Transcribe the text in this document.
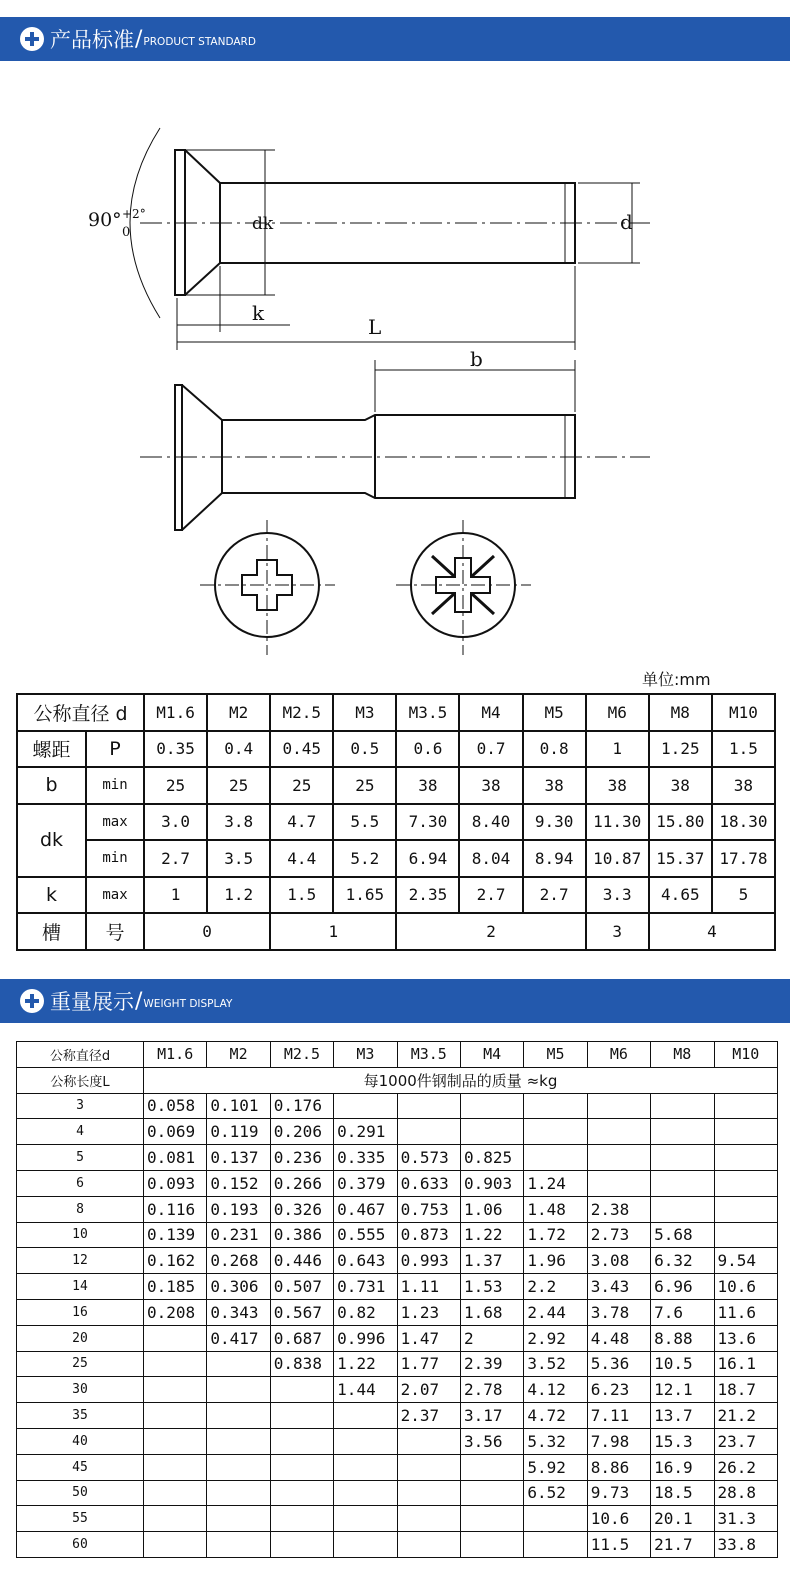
产品标准 / PRODUCT STANDARD
90° +2°
0	dk	d
k
L
b
单位:mm
公称直径 d		M1.6	M2	M2.5	M3	M3.5	M4	M5	M6	M8	M10
螺距	P	0.35	0.4	0.45	0.5	0.6	0.7	0.8	1	1.25	1.5
b	min	25	25	25	25	38	38	38	38	38	38
dk	max	3.0	3.8	4.7	5.5	7.30	8.40	9.30	11.30	15.80	18.30
	min	2.7	3.5	4.4	5.2	6.94	8.04	8.94	10.87	15.37	17.78
k	max	1	1.2	1.5	1.65	2.35	2.7	2.7	3.3	4.65	5
槽	号	0		1		2			3	4	
重量展示 / WEIGHT DISPLAY
公称直径d	M1.6	M2	M2.5	M3	M3.5	M4	M5	M6	M8	M10
公称长度L	每1000件钢制品的质量 ≈kg									
3	0.058	0.101	0.176							
4	0.069	0.119	0.206	0.291						
5	0.081	0.137	0.236	0.335	0.573	0.825				
6	0.093	0.152	0.266	0.379	0.633	0.903	1.24			
8	0.116	0.193	0.326	0.467	0.753	1.06	1.48	2.38		
10	0.139	0.231	0.386	0.555	0.873	1.22	1.72	2.73	5.68	
12	0.162	0.268	0.446	0.643	0.993	1.37	1.96	3.08	6.32	9.54
14	0.185	0.306	0.507	0.731	1.11	1.53	2.2	3.43	6.96	10.6
16	0.208	0.343	0.567	0.82	1.23	1.68	2.44	3.78	7.6	11.6
20		0.417	0.687	0.996	1.47	2	2.92	4.48	8.88	13.6
25			0.838	1.22	1.77	2.39	3.52	5.36	10.5	16.1
30				1.44	2.07	2.78	4.12	6.23	12.1	18.7
35					2.37	3.17	4.72	7.11	13.7	21.2
40						3.56	5.32	7.98	15.3	23.7
45							5.92	8.86	16.9	26.2
50							6.52	9.73	18.5	28.8
55								10.6	20.1	31.3
60								11.5	21.7	33.8
